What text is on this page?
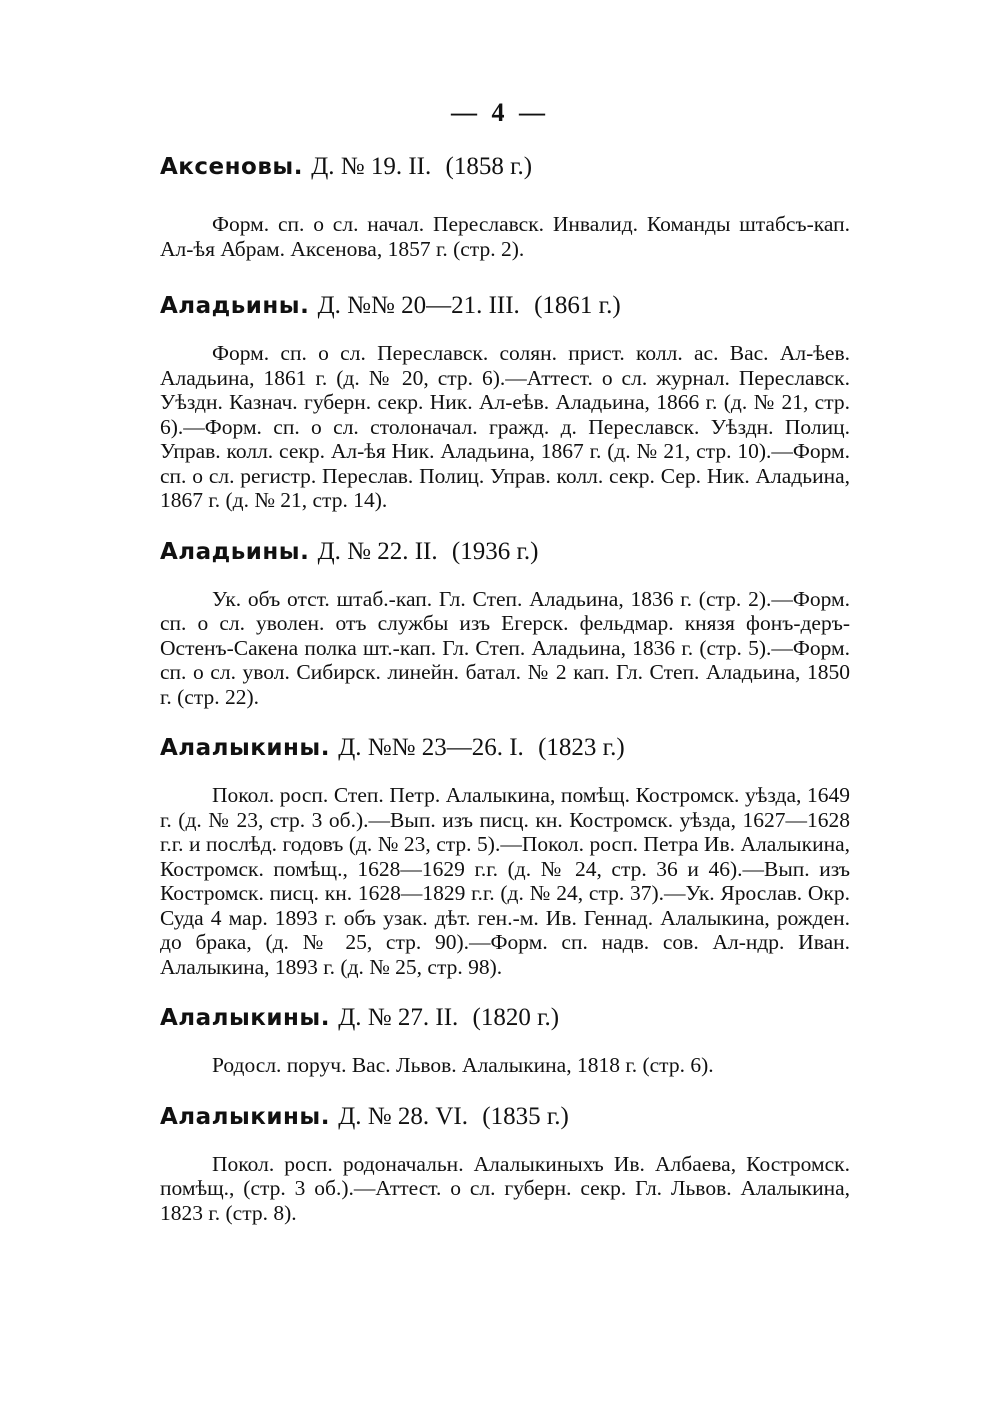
— 4 —

Аксеновы. Д. № 19. II. (1858 г.)

Форм. сп. о сл. начал. Переславск. Инвалид. Команды штабсъ-кап. Ал-ѣя Абрам. Аксенова, 1857 г. (стр. 2).

Аладьины. Д. №№ 20—21. III. (1861 г.)

Форм. сп. о сл. Переславск. солян. прист. колл. ас. Вас. Ал-ѣев. Аладьина, 1861 г. (д. № 20, стр. 6).—Аттест. о сл. журнал. Переславск. Уѣздн. Казнач. губерн. секр. Ник. Ал-еѣв. Аладьина, 1866 г. (д. № 21, стр. 6).—Форм. сп. о сл. столоначал. гражд. д. Переславск. Уѣздн. Полиц. Управ. колл. секр. Ал-ѣя Ник. Аладьина, 1867 г. (д. № 21, стр. 10).—Форм. сп. о сл. регистр. Переслав. Полиц. Управ. колл. секр. Сер. Ник. Аладьина, 1867 г. (д. № 21, стр. 14).

Аладьины. Д. № 22. II. (1936 г.)

Ук. объ отст. штаб.-кап. Гл. Степ. Аладьина, 1836 г. (стр. 2).—Форм. сп. о сл. уволен. отъ службы изъ Егерск. фельдмар. князя фонъ-деръ-Остенъ-Сакена полка шт.-кап. Гл. Степ. Аладьина, 1836 г. (стр. 5).—Форм. сп. о сл. увол. Сибирск. линейн. батал. № 2 кап. Гл. Степ. Аладьина, 1850 г. (стр. 22).

Алалыкины. Д. №№ 23—26. I. (1823 г.)

Покол. росп. Степ. Петр. Алалыкина, помѣщ. Костромск. уѣзда, 1649 г. (д. № 23, стр. 3 об.).—Вып. изъ писц. кн. Костромск. уѣзда, 1627—1628 г.г. и послѣд. годовъ (д. № 23, стр. 5).—Покол. росп. Петра Ив. Алалыкина, Костромск. помѣщ., 1628—1629 г.г. (д. № 24, стр. 36 и 46).—Вып. изъ Костромск. писц. кн. 1628—1829 г.г. (д. № 24, стр. 37).—Ук. Ярослав. Окр. Суда 4 мар. 1893 г. объ узак. дѣт. ген.-м. Ив. Геннад. Алалыкина, рожден. до брака, (д. № 25, стр. 90).—Форм. сп. надв. сов. Ал-ндр. Иван. Алалыкина, 1893 г. (д. № 25, стр. 98).

Алалыкины. Д. № 27. II. (1820 г.)

Родосл. поруч. Вас. Львов. Алалыкина, 1818 г. (стр. 6).

Алалыкины. Д. № 28. VI. (1835 г.)

Покол. росп. родоначальн. Алалыкиныхъ Ив. Албаева, Костромск. помѣщ., (стр. 3 об.).—Аттест. о сл. губерн. секр. Гл. Львов. Алалыкина, 1823 г. (стр. 8).
